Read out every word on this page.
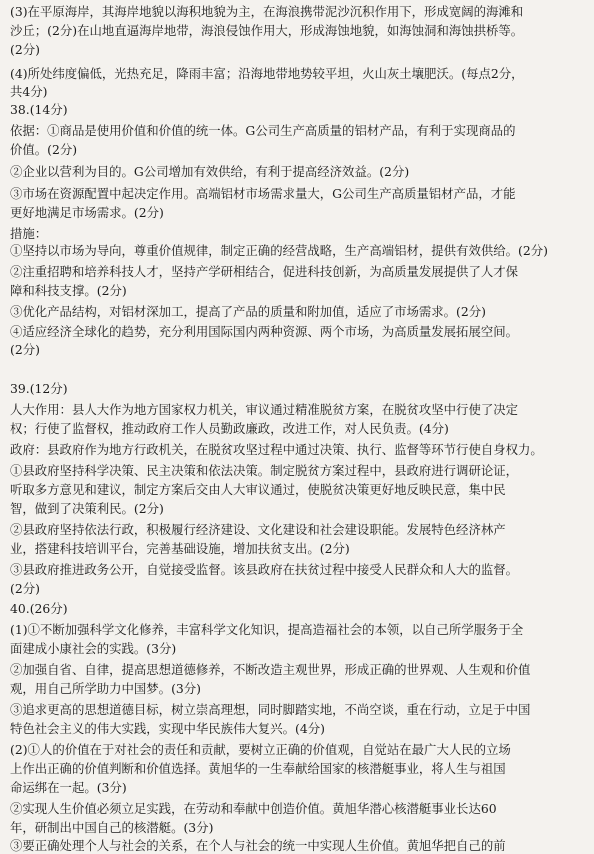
(3)在平原海岸，其海岸地貌以海积地貌为主，在海浪携带泥沙沉积作用下，形成宽阔的海滩和
沙丘；(2分)在山地直逼海岸地带，海浪侵蚀作用大，形成海蚀地貌，如海蚀洞和海蚀拱桥等。
(2分)
(4)所处纬度偏低，光热充足，降雨丰富；沿海地带地势较平坦，火山灰土壤肥沃。(每点2分，
共4分)
38.(14分)
依据：①商品是使用价值和价值的统一体。G公司生产高质量的铝材产品，有利于实现商品的
价值。(2分)
②企业以营利为目的。G公司增加有效供给，有利于提高经济效益。(2分)
③市场在资源配置中起决定作用。高端铝材市场需求量大，G公司生产高质量铝材产品，才能
更好地满足市场需求。(2分)
措施：
①坚持以市场为导向，尊重价值规律，制定正确的经营战略，生产高端铝材，提供有效供给。(2分)
②注重招聘和培养科技人才，坚持产学研相结合，促进科技创新，为高质量发展提供了人才保
障和科技支撑。(2分)
③优化产品结构，对铝材深加工，提高了产品的质量和附加值，适应了市场需求。(2分)
④适应经济全球化的趋势，充分利用国际国内两种资源、两个市场，为高质量发展拓展空间。
(2分)
39.(12分)
人大作用：县人大作为地方国家权力机关，审议通过精准脱贫方案，在脱贫攻坚中行使了决定
权；行使了监督权，推动政府工作人员勤政廉政，改进工作，对人民负责。(4分)
政府：县政府作为地方行政机关，在脱贫攻坚过程中通过决策、执行、监督等环节行使自身权力。
①县政府坚持科学决策、民主决策和依法决策。制定脱贫方案过程中，县政府进行调研论证，
听取多方意见和建议，制定方案后交由人大审议通过，使脱贫决策更好地反映民意，集中民
智，做到了决策利民。(2分)
②县政府坚持依法行政，积极履行经济建设、文化建设和社会建设职能。发展特色经济林产
业，搭建科技培训平台，完善基础设施，增加扶贫支出。(2分)
③县政府推进政务公开，自觉接受监督。该县政府在扶贫过程中接受人民群众和人大的监督。
(2分)
40.(26分)
(1)①不断加强科学文化修养，丰富科学文化知识，提高造福社会的本领，以自己所学服务于全
面建成小康社会的实践。(3分)
②加强自省、自律，提高思想道德修养，不断改造主观世界，形成正确的世界观、人生观和价值
观，用自己所学助力中国梦。(3分)
③追求更高的思想道德目标，树立崇高理想，同时脚踏实地，不尚空谈，重在行动，立足于中国
特色社会主义的伟大实践，实现中华民族伟大复兴。(4分)
(2)①人的价值在于对社会的责任和贡献，要树立正确的价值观，自觉站在最广大人民的立场
上作出正确的价值判断和价值选择。黄旭华的一生奉献给国家的核潜艇事业，将人生与祖国
命运绑在一起。(3分)
②实现人生价值必须立足实践，在劳动和奉献中创造价值。黄旭华潜心核潜艇事业长达60
年，研制出中国自己的核潜艇。(3分)
③要正确处理个人与社会的关系，在个人与社会的统一中实现人生价值。黄旭华把自己的前
